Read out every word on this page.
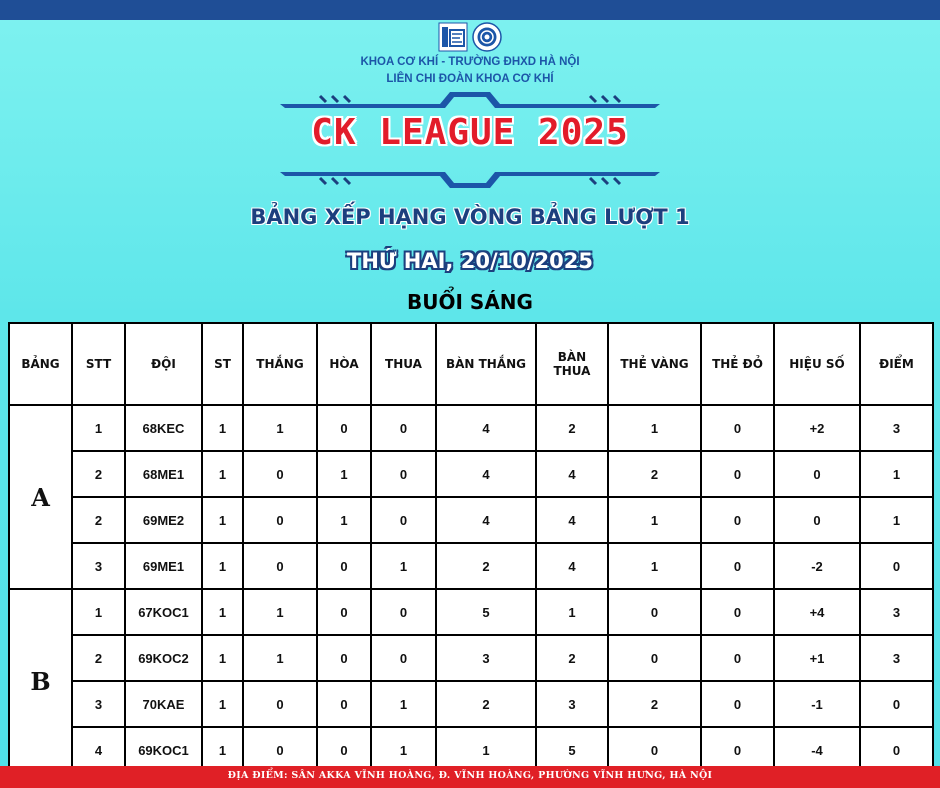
KHOA CƠ KHÍ - TRƯỜNG ĐHXD HÀ NỘI
LIÊN CHI ĐOÀN KHOA CƠ KHÍ
CK LEAGUE 2025
BẢNG XẾP HẠNG VÒNG BẢNG LƯỢT 1
THỨ HAI, 20/10/2025
BUỔI SÁNG
BẢNG	STT	ĐỘI	ST	THẮNG	HÒA	THUA	BÀN THẮNG	BÀN THUA	THẺ VÀNG	THẺ ĐỎ	HIỆU SỐ	ĐIỂM
A	1	68KEC	1	1	0	0	4	2	1	0	+2	3
	2	68ME1	1	0	1	0	4	4	2	0	0	1
	2	69ME2	1	0	1	0	4	4	1	0	0	1
	3	69ME1	1	0	0	1	2	4	1	0	-2	0
B	1	67KOC1	1	1	0	0	5	1	0	0	+4	3
	2	69KOC2	1	1	0	0	3	2	0	0	+1	3
	3	70KAE	1	0	0	1	2	3	2	0	-1	0
	4	69KOC1	1	0	0	1	1	5	0	0	-4	0
ĐỊA ĐIỂM: SÂN AKKA VĨNH HOÀNG, Đ. VĨNH HOÀNG, PHƯỜNG VĨNH HƯNG, HÀ NỘI
